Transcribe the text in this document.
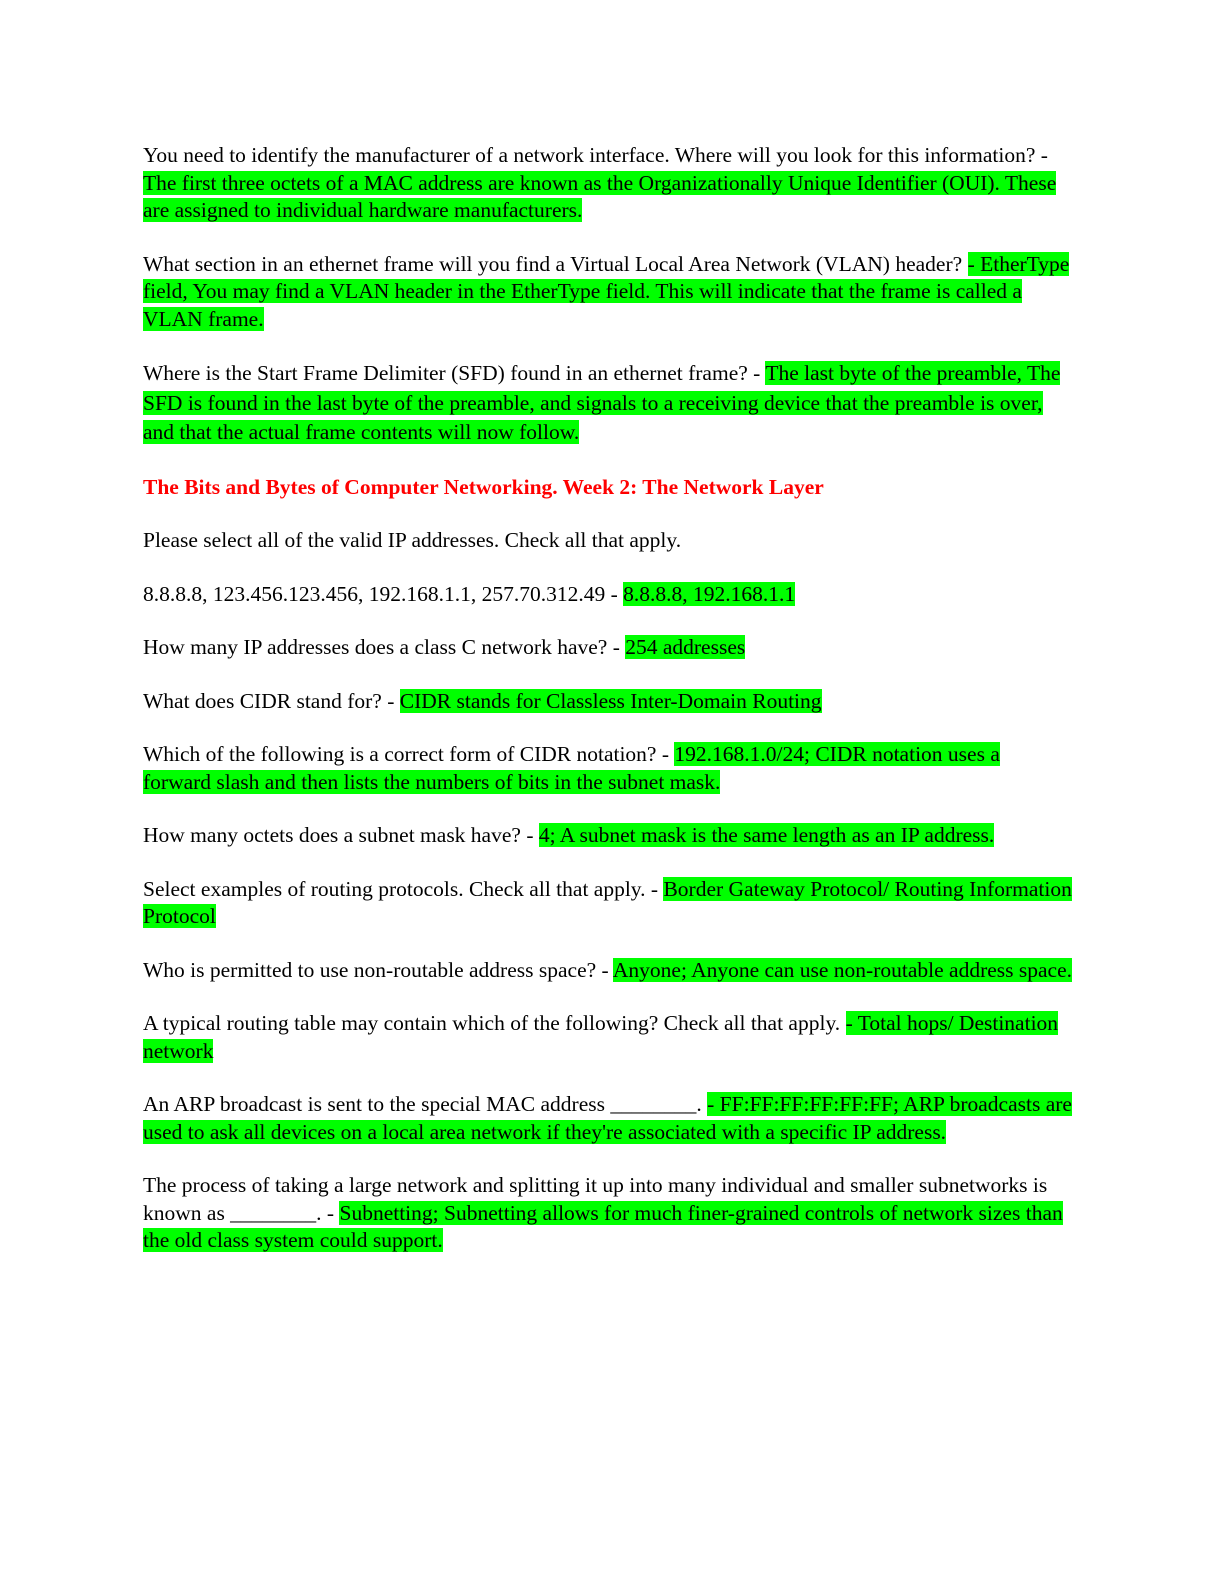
You need to identify the manufacturer of a network interface. Where will you look for this information? - The first three octets of a MAC address are known as the Organizationally Unique Identifier (OUI). These are assigned to individual hardware manufacturers.

What section in an ethernet frame will you find a Virtual Local Area Network (VLAN) header? - EtherType field, You may find a VLAN header in the EtherType field. This will indicate that the frame is called a VLAN frame.

Where is the Start Frame Delimiter (SFD) found in an ethernet frame? - The last byte of the preamble, The SFD is found in the last byte of the preamble, and signals to a receiving device that the preamble is over, and that the actual frame contents will now follow.

The Bits and Bytes of Computer Networking. Week 2: The Network Layer

Please select all of the valid IP addresses. Check all that apply.

8.8.8.8, 123.456.123.456, 192.168.1.1, 257.70.312.49 - 8.8.8.8, 192.168.1.1

How many IP addresses does a class C network have? - 254 addresses

What does CIDR stand for? - CIDR stands for Classless Inter-Domain Routing

Which of the following is a correct form of CIDR notation? - 192.168.1.0/24; CIDR notation uses a forward slash and then lists the numbers of bits in the subnet mask.

How many octets does a subnet mask have? - 4; A subnet mask is the same length as an IP address.

Select examples of routing protocols. Check all that apply. - Border Gateway Protocol/ Routing Information Protocol

Who is permitted to use non-routable address space? - Anyone; Anyone can use non-routable address space.

A typical routing table may contain which of the following? Check all that apply. - Total hops/ Destination network

An ARP broadcast is sent to the special MAC address ________. - FF:FF:FF:FF:FF:FF; ARP broadcasts are used to ask all devices on a local area network if they're associated with a specific IP address.

The process of taking a large network and splitting it up into many individual and smaller subnetworks is known as ________. - Subnetting; Subnetting allows for much finer-grained controls of network sizes than the old class system could support.
